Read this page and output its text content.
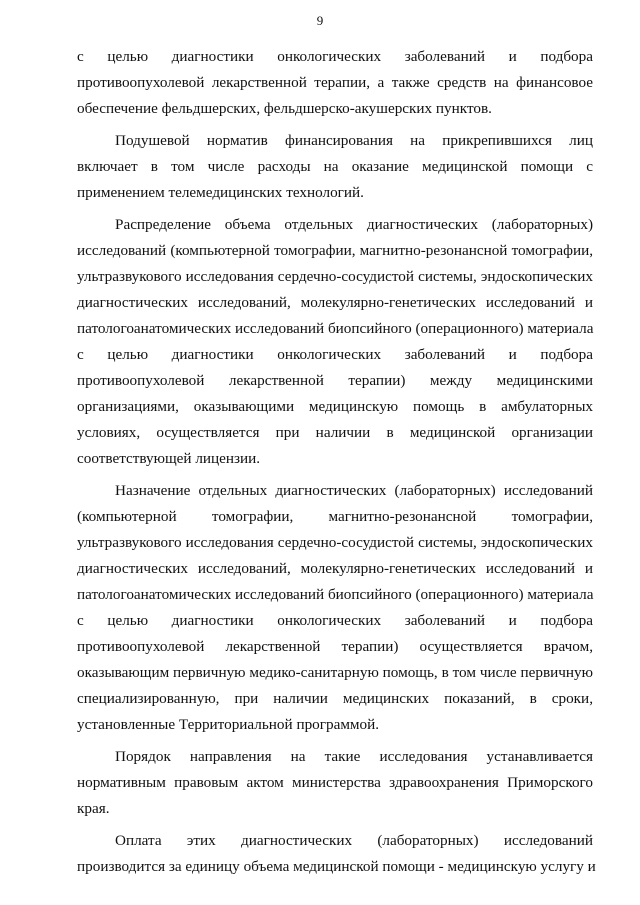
9
с целью диагностики онкологических заболеваний и подбора
противоопухолевой лекарственной терапии, а также средств на финансовое
обеспечение фельдшерских, фельдшерско-акушерских пунктов.
Подушевой норматив финансирования на прикрепившихся лиц
включает в том числе расходы на оказание медицинской помощи с
применением телемедицинских технологий.
Распределение объема отдельных диагностических (лабораторных)
исследований (компьютерной томографии, магнитно-резонансной томографии,
ультразвукового исследования сердечно-сосудистой системы, эндоскопических
диагностических исследований, молекулярно-генетических исследований и
патологоанатомических исследований биопсийного (операционного) материала
с целью диагностики онкологических заболеваний и подбора
противоопухолевой лекарственной терапии) между медицинскими
организациями, оказывающими медицинскую помощь в амбулаторных
условиях, осуществляется при наличии в медицинской организации
соответствующей лицензии.
Назначение отдельных диагностических (лабораторных) исследований
(компьютерной томографии, магнитно-резонансной томографии,
ультразвукового исследования сердечно-сосудистой системы, эндоскопических
диагностических исследований, молекулярно-генетических исследований и
патологоанатомических исследований биопсийного (операционного) материала
с целью диагностики онкологических заболеваний и подбора
противоопухолевой лекарственной терапии) осуществляется врачом,
оказывающим первичную медико-санитарную помощь, в том числе первичную
специализированную, при наличии медицинских показаний, в сроки,
установленные Территориальной программой.
Порядок направления на такие исследования устанавливается
нормативным правовым актом министерства здравоохранения Приморского
края.
Оплата этих диагностических (лабораторных) исследований
производится за единицу объема медицинской помощи - медицинскую услугу и
